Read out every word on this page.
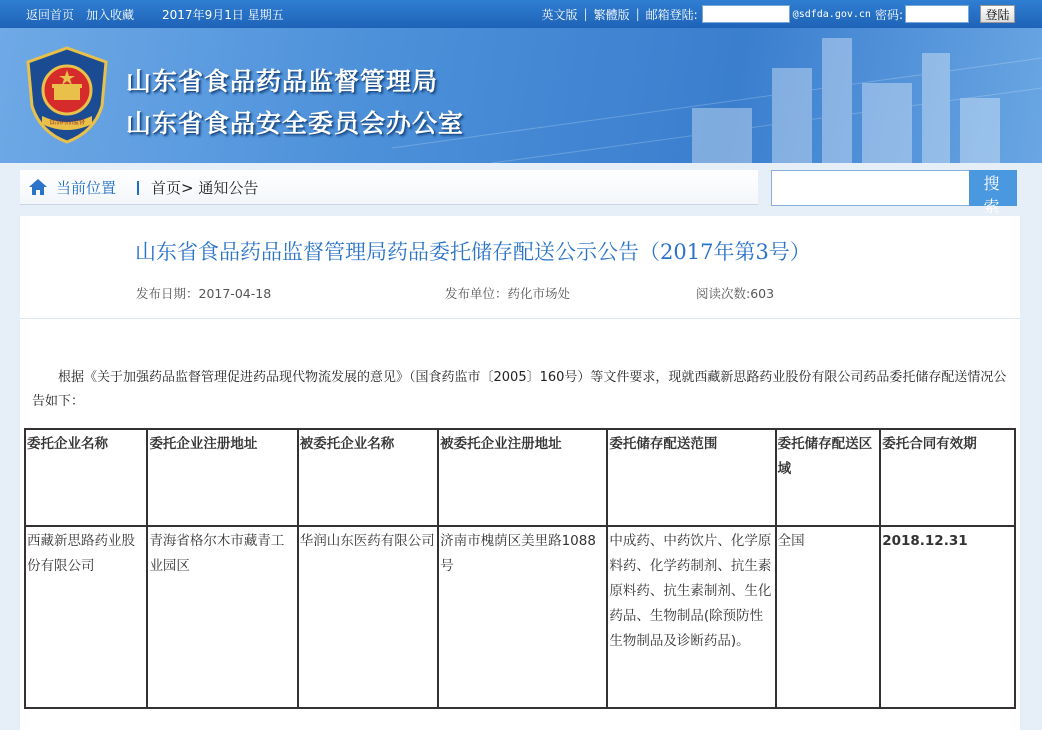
返回首页 加入收藏 2017年9月1日 星期五	英文版 | 繁體版 | 邮箱登陆:	@sdfda.gov.cn 密码:	登陆
食品药品监督
山东省食品药品监督管理局
山东省食品安全委员会办公室
当前位置 首页> 通知公告	搜 索
山东省食品药品监督管理局药品委托储存配送公示公告（2017年第3号）
发布日期：2017-04-18	发布单位：药化市场处	阅读次数:603
根据《关于加强药品监督管理促进药品现代物流发展的意见》（国食药监市〔2005〕160号）等文件要求，现就西藏新思路药业股份有限公司药品委托储存配送情况公告如下：
委托企业名称	委托企业注册地址	被委托企业名称	被委托企业注册地址	委托储存配送范围	委托储存配送区域	委托合同有效期
西藏新思路药业股份有限公司	青海省格尔木市藏青工业园区	华润山东医药有限公司	济南市槐荫区美里路1088号	中成药、中药饮片、化学原料药、化学药制剂、抗生素原料药、抗生素制剂、生化药品、生物制品(除预防性生物制品及诊断药品)。	全国	2018.12.31
